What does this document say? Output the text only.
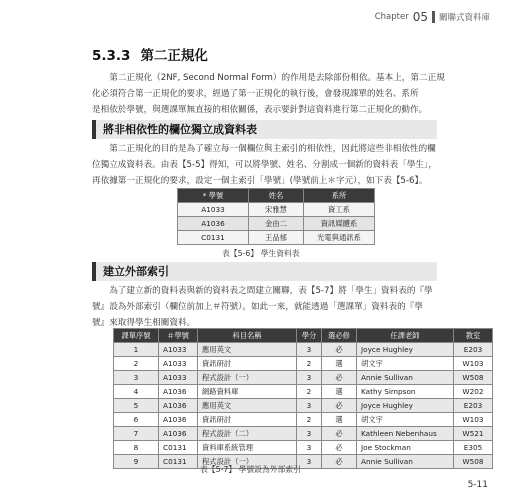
Chapter 05 關聯式資料庫
5.3.3 第二正規化

第二正規化（2NF, Second Normal Form）的作用是去除部份相依。基本上，第二正規
化必須符合第一正規化的要求，經過了第一正規化的執行後，會發現課單的姓名、系所
是相依於學號，與選課單無直接的相依關係，表示要針對這資料進行第二正規化的動作。

將非相依性的欄位獨立成資料表

第二正規化的目的是為了確立每一個欄位與主索引的相依性，因此將這些非相依性的欄
位獨立成資料表。由表【5-5】得知，可以將學號、姓名、分割成一個新的資料表「學生」，
再依據第一正規化的要求，設定一個主索引「學號」(學號前上＊字元），如下表【5-6】。

* 學號	姓名	系所
A1033	宋雅慧	資工系
A1036	金由二	資訊媒體系
C0131	王品郁	光電與通訊系
表【5-6】 學生資料表
建立外部索引

為了建立新的資料表與新的資料表之間建立關聯，表【5-7】將「學生」資料表的『學
號』設為外部索引（欄位前加上＃符號）。如此一來，就能透過「選課單」資料表的『學
號』來取得學生相關資料。

課單序號	＃學號	科目名稱	學分	選必修	任課老師	教室
1	A1033	應用英文	3	必	Joyce Hughley	E203
2	A1033	資訊研討	2	選	胡文宇	W103
3	A1033	程式設計（一）	3	必	Annie Sullivan	W508
4	A1036	網路資料庫	2	選	Kathy Simpson	W202
5	A1036	應用英文	3	必	Joyce Hughley	E203
6	A1036	資訊研討	2	選	胡文宇	W103
7	A1036	程式設計（二）	3	必	Kathleen Nebenhaus	W521
8	C0131	資料庫系統管理	3	必	Joe Stockman	E305
9	C0131	程式設計（一）	3	必	Annie Sullivan	W508
表【5-7】 學號設為外部索引
5-11
